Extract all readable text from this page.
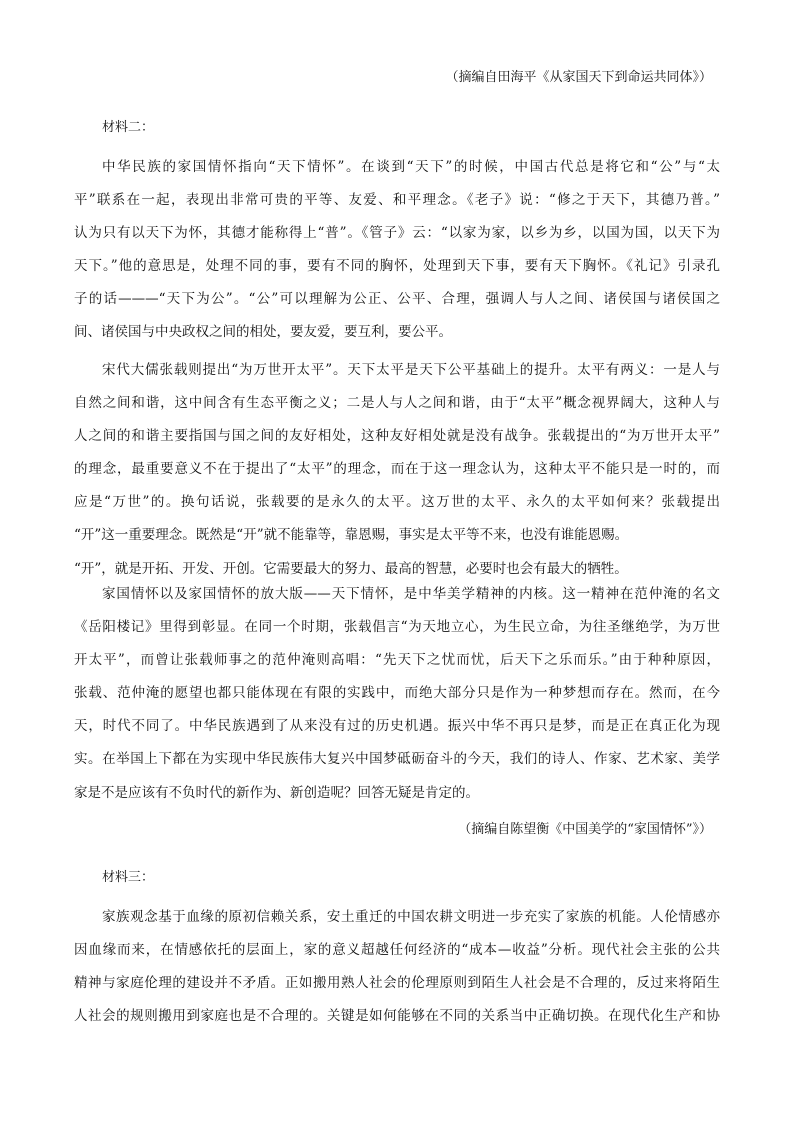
（摘编自田海平《从家国天下到命运共同体》）
材料二：
中华民族的家国情怀指向“天下情怀”。在谈到“天下”的时候，中国古代总是将它和“公”与“太
平”联系在一起，表现出非常可贵的平等、友爱、和平理念。《老子》说：“修之于天下，其德乃普。”
认为只有以天下为怀，其德才能称得上“普”。《管子》云：“以家为家，以乡为乡，以国为国，以天下为
天下。”他的意思是，处理不同的事，要有不同的胸怀，处理到天下事，要有天下胸怀。《礼记》引录孔
子的话———“天下为公”。“公”可以理解为公正、公平、合理，强调人与人之间、诸侯国与诸侯国之
间、诸侯国与中央政权之间的相处，要友爱，要互利，要公平。
宋代大儒张载则提出“为万世开太平”。天下太平是天下公平基础上的提升。太平有两义：一是人与
自然之间和谐，这中间含有生态平衡之义；二是人与人之间和谐，由于“太平”概念视界阔大，这种人与
人之间的和谐主要指国与国之间的友好相处，这种友好相处就是没有战争。张载提出的“为万世开太平”
的理念，最重要意义不在于提出了“太平”的理念，而在于这一理念认为，这种太平不能只是一时的，而
应是“万世”的。换句话说，张载要的是永久的太平。这万世的太平、永久的太平如何来？张载提出
“开”这一重要理念。既然是“开”就不能靠等，靠恩赐，事实是太平等不来，也没有谁能恩赐。
“开”，就是开拓、开发、开创。它需要最大的努力、最高的智慧，必要时也会有最大的牺牲。
家国情怀以及家国情怀的放大版——天下情怀，是中华美学精神的内核。这一精神在范仲淹的名文
《岳阳楼记》里得到彰显。在同一个时期，张载倡言“为天地立心，为生民立命，为往圣继绝学，为万世
开太平”，而曾让张载师事之的范仲淹则高唱：“先天下之忧而忧，后天下之乐而乐。”由于种种原因，
张载、范仲淹的愿望也都只能体现在有限的实践中，而绝大部分只是作为一种梦想而存在。然而，在今
天，时代不同了。中华民族遇到了从来没有过的历史机遇。振兴中华不再只是梦，而是正在真正化为现
实。在举国上下都在为实现中华民族伟大复兴中国梦砥砺奋斗的今天，我们的诗人、作家、艺术家、美学
家是不是应该有不负时代的新作为、新创造呢？回答无疑是肯定的。
（摘编自陈望衡《中国美学的“家国情怀”》）
材料三：
家族观念基于血缘的原初信赖关系，安土重迁的中国农耕文明进一步充实了家族的机能。人伦情感亦
因血缘而来，在情感依托的层面上，家的意义超越任何经济的“成本—收益”分析。现代社会主张的公共
精神与家庭伦理的建设并不矛盾。正如搬用熟人社会的伦理原则到陌生人社会是不合理的，反过来将陌生
人社会的规则搬用到家庭也是不合理的。关键是如何能够在不同的关系当中正确切换。在现代化生产和协
